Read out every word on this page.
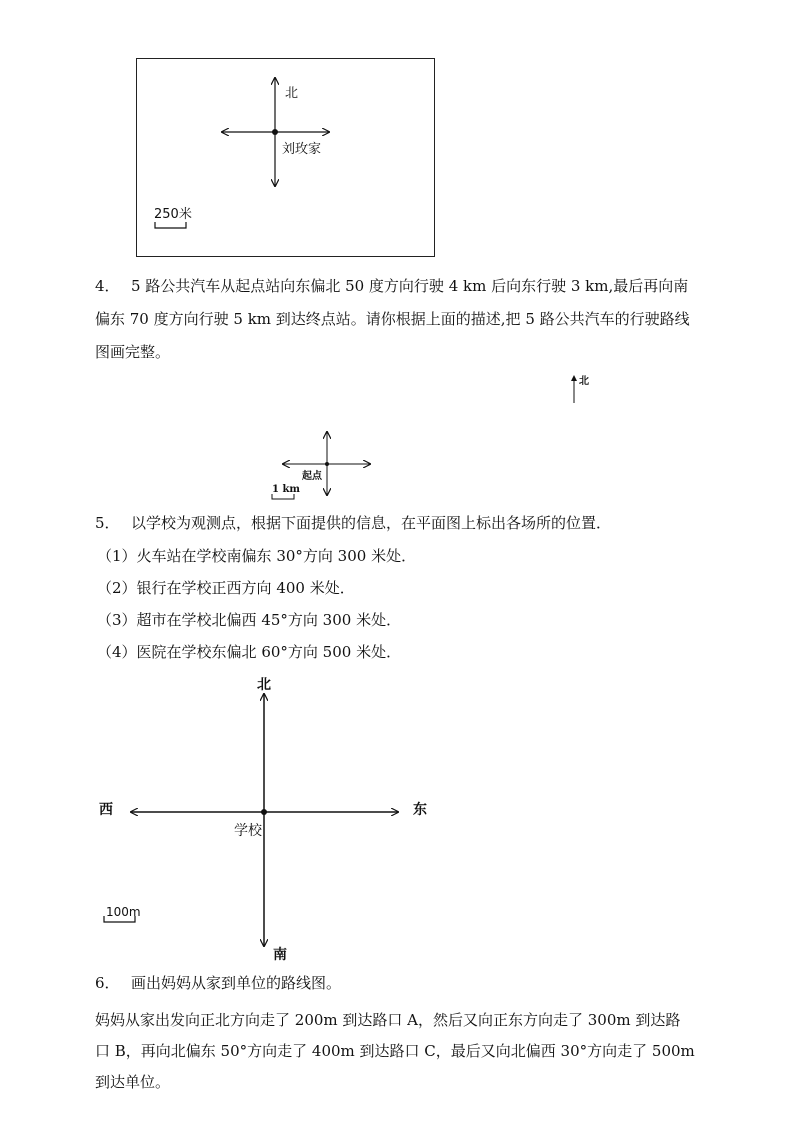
北
刘玫家
250米
4． 5 路公共汽车从起点站向东偏北 50 度方向行驶 4 km 后向东行驶 3 km,最后再向南
偏东 70 度方向行驶 5 km 到达终点站。请你根据上面的描述,把 5 路公共汽车的行驶路线
图画完整。
北
起点
1 km
5． 以学校为观测点，根据下面提供的信息，在平面图上标出各场所的位置．
（1）火车站在学校南偏东 30°方向 300 米处．
（2）银行在学校正西方向 400 米处．
（3）超市在学校北偏西 45°方向 300 米处．
（4）医院在学校东偏北 60°方向 500 米处．
北
南
西	东
学校
100m
6． 画出妈妈从家到单位的路线图。
妈妈从家出发向正北方向走了 200m 到达路口 A，然后又向正东方向走了 300m 到达路
口 B，再向北偏东 50°方向走了 400m 到达路口 C，最后又向北偏西 30°方向走了 500m
到达单位。
